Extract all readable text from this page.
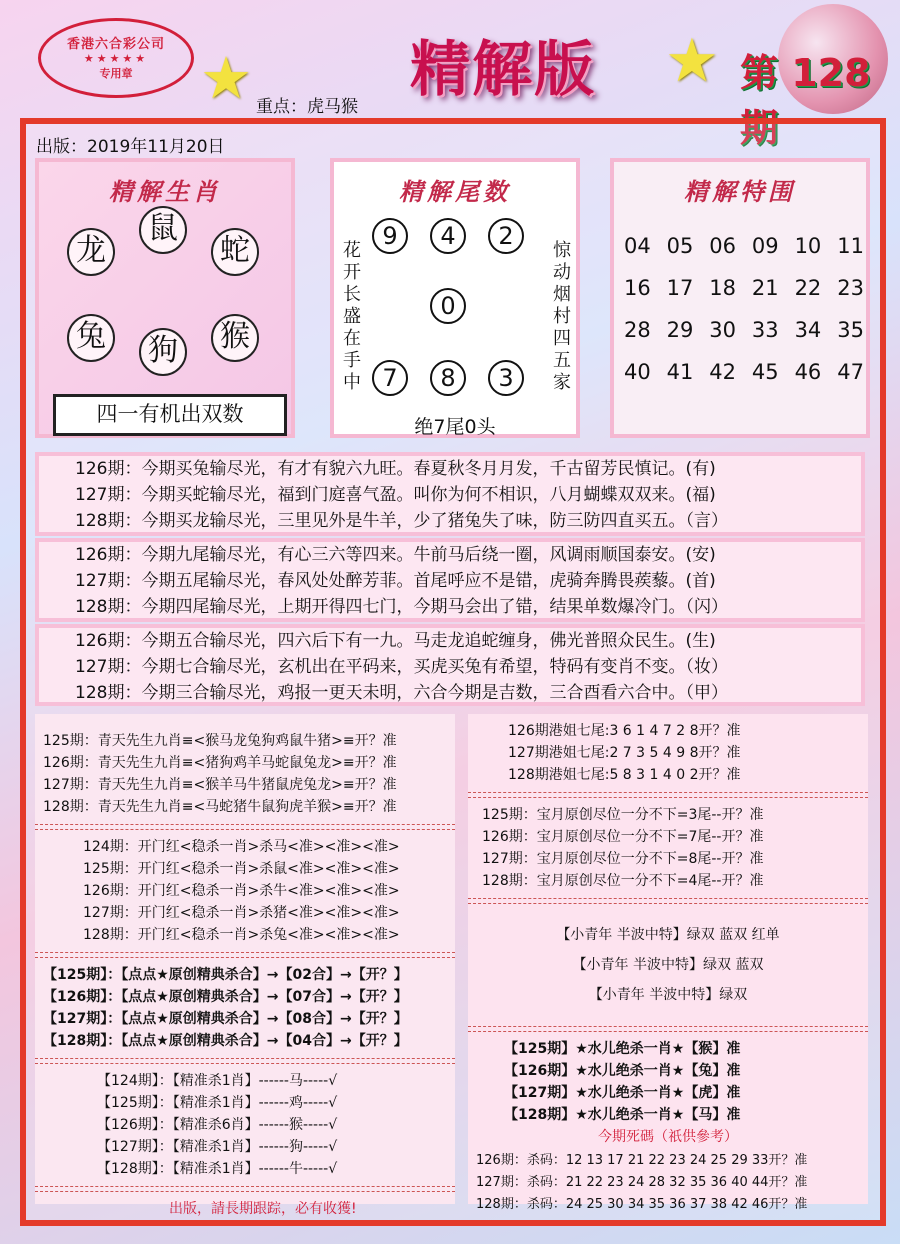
香港六合彩公司
★★★★★
专用章	★	★
精解版	第 128 期
重点：虎马猴
出版：2019年11月20日
精解生肖
龙
鼠
蛇
兔	狗	猴
四一有机出双数
精解尾数
花开长盛在手中
惊动烟村四五家
9	4	2
0
7	8	3
绝7尾0头
精解特围
04 05 06 09 10 11
16 17 18 21 22 23
28 29 30 33 34 35
40 41 42 45 46 47
126期：今期买兔输尽光，有才有貌六九旺。春夏秋冬月月发，千古留芳民慎记。(有)
127期：今期买蛇输尽光，福到门庭喜气盈。叫你为何不相识，八月蝴蝶双双来。(福)
128期：今期买龙输尽光，三里见外是牛羊，少了猪兔失了味，防三防四直买五。（言）
126期：今期九尾输尽光，有心三六等四来。牛前马后绕一圈，风调雨顺国泰安。(安)
127期：今期五尾输尽光，春风处处醉芳菲。首尾呼应不是错，虎骑奔腾畏蒺藜。(首)
128期：今期四尾输尽光，上期开得四七门，今期马会出了错，结果单数爆冷门。（闪）
126期：今期五合输尽光，四六后下有一九。马走龙追蛇缠身，佛光普照众民生。(生)
127期：今期七合输尽光，玄机出在平码来，买虎买兔有希望，特码有变肖不变。（妆）
128期：今期三合输尽光，鸡报一更天未明，六合今期是吉数，三合酉看六合中。（甲）
125期：青天先生九肖≡<猴马龙兔狗鸡鼠牛猪>≡开？准
126期：青天先生九肖≡<猪狗鸡羊马蛇鼠兔龙>≡开？准
127期：青天先生九肖≡<猴羊马牛猪鼠虎兔龙>≡开？准
128期：青天先生九肖≡<马蛇猪牛鼠狗虎羊猴>≡开？准
124期：开门红<稳杀一肖>杀马<准><准><准>
125期：开门红<稳杀一肖>杀鼠<准><准><准>
126期：开门红<稳杀一肖>杀牛<准><准><准>
127期：开门红<稳杀一肖>杀猪<准><准><准>
128期：开门红<稳杀一肖>杀兔<准><准><准>
【125期】：【点点★原创精典杀合】→【02合】→【开？】
【126期】：【点点★原创精典杀合】→【07合】→【开？】
【127期】：【点点★原创精典杀合】→【08合】→【开？】
【128期】：【点点★原创精典杀合】→【04合】→【开？】
【124期】：【精准杀1肖】------马-----√
【125期】：【精准杀1肖】------鸡-----√
【126期】：【精准杀6肖】------猴-----√
【127期】：【精准杀1肖】------狗-----√
【128期】：【精准杀1肖】------牛-----√
出版，請長期跟踪，必有收獲!
126期港姐七尾:3 6 1 4 7 2 8开？准
127期港姐七尾:2 7 3 5 4 9 8开？准
128期港姐七尾:5 8 3 1 4 0 2开？准
125期：宝月原创尽位一分不下=3尾--开？准
126期：宝月原创尽位一分不下=7尾--开？准
127期：宝月原创尽位一分不下=8尾--开？准
128期：宝月原创尽位一分不下=4尾--开？准
【小青年 半波中特】绿双 蓝双 红单
【小青年 半波中特】绿双 蓝双
【小青年 半波中特】绿双
【125期】★水儿绝杀一肖★【猴】准
【126期】★水儿绝杀一肖★【兔】准
【127期】★水儿绝杀一肖★【虎】准
【128期】★水儿绝杀一肖★【马】准
今期死碼（祇供參考）
126期：杀码：12 13 17 21 22 23 24 25 29 33开？准
127期：杀码：21 22 23 24 28 32 35 36 40 44开？准
128期：杀码：24 25 30 34 35 36 37 38 42 46开？准
